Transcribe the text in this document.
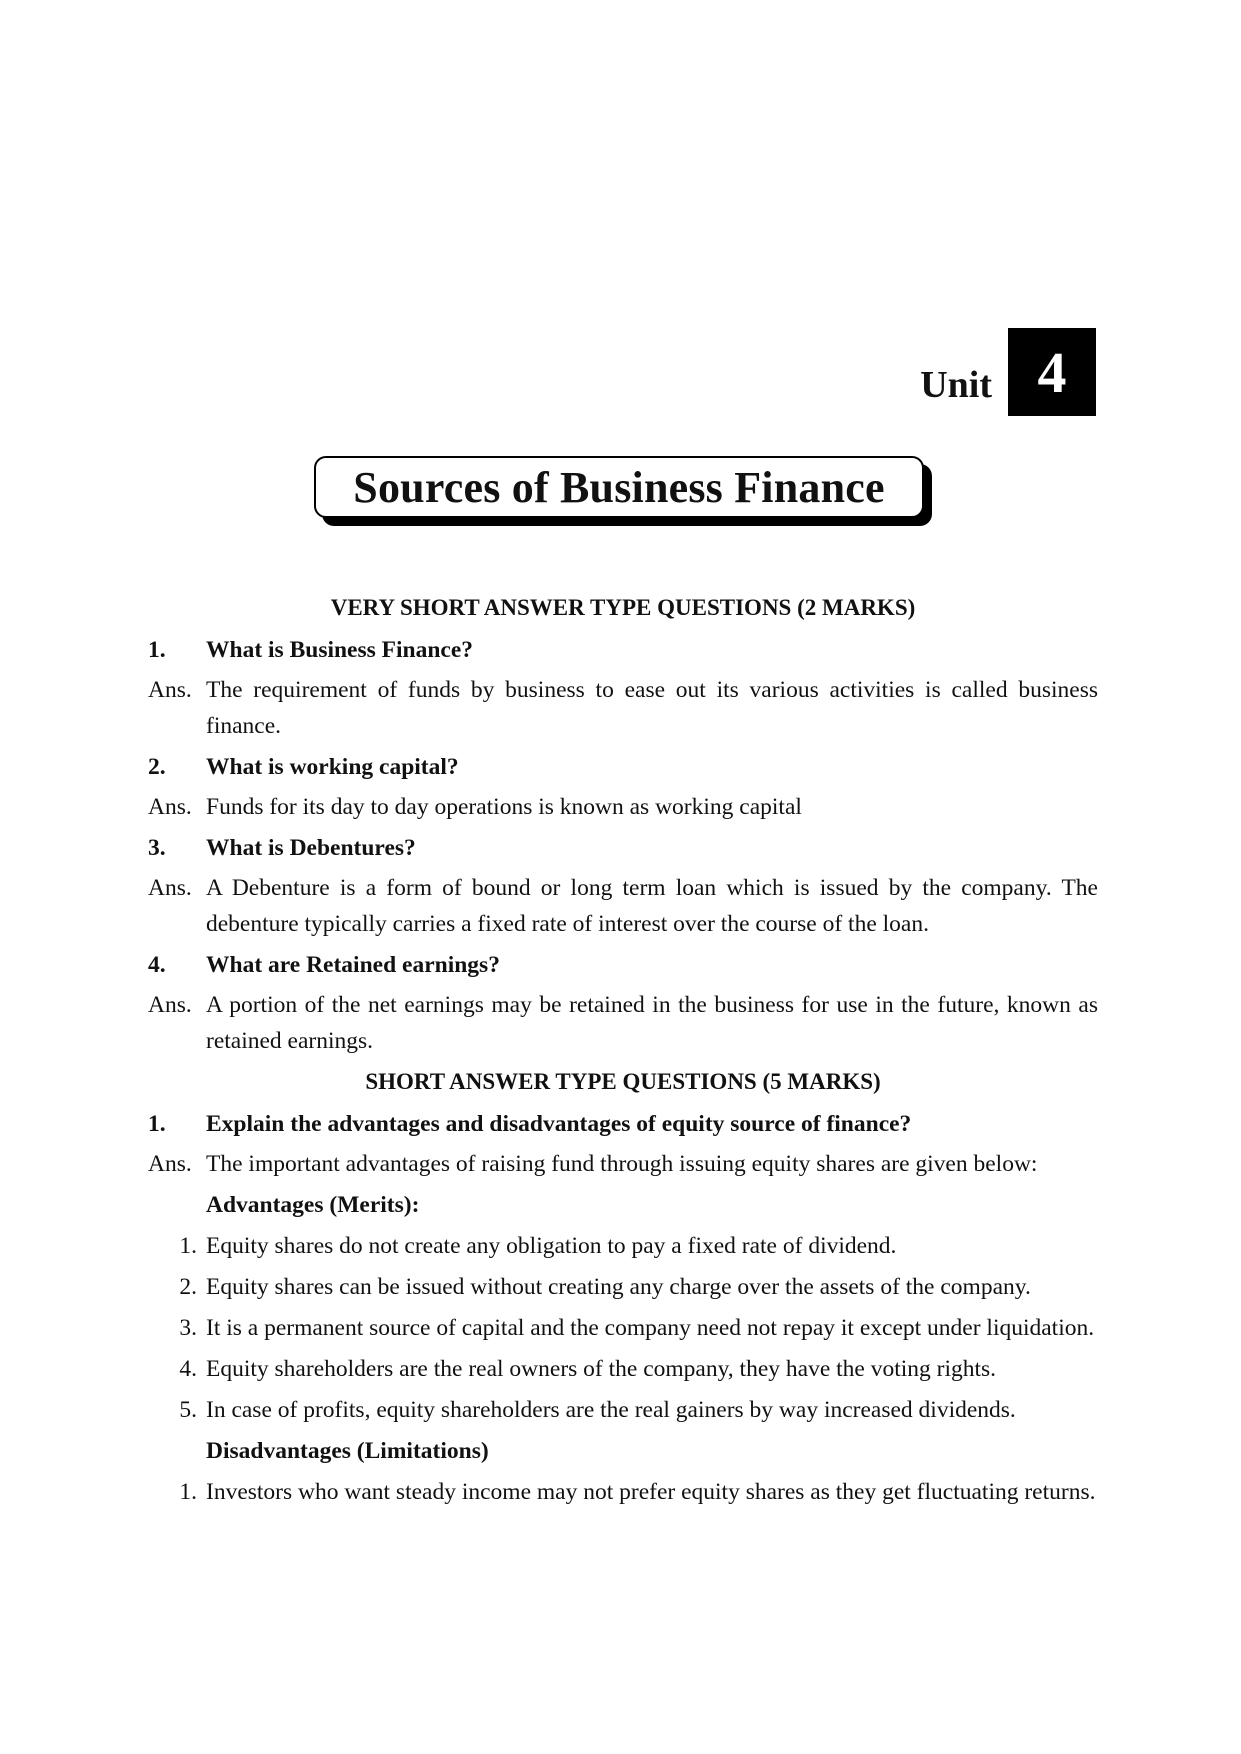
Unit 4
Sources of Business Finance
VERY SHORT ANSWER TYPE QUESTIONS (2 MARKS)
1.	What is Business Finance?
Ans. The requirement of funds by business to ease out its various activities is called business finance.
2.	What is working capital?
Ans. Funds for its day to day operations is known as working capital
3.	What is Debentures?
Ans. A Debenture is a form of bound or long term loan which is issued by the company. The debenture typically carries a fixed rate of interest over the course of the loan.
4.	What are Retained earnings?
Ans. A portion of the net earnings may be retained in the business for use in the future, known as retained earnings.
SHORT ANSWER TYPE QUESTIONS (5 MARKS)
1.	Explain the advantages and disadvantages of equity source of finance?
Ans. The important advantages of raising fund through issuing equity shares are given below:
Advantages (Merits):
1. Equity shares do not create any obligation to pay a fixed rate of dividend.
2. Equity shares can be issued without creating any charge over the assets of the company.
3. It is a permanent source of capital and the company need not repay it except under liquidation.
4. Equity shareholders are the real owners of the company, they have the voting rights.
5. In case of profits, equity shareholders are the real gainers by way increased dividends.
Disadvantages (Limitations)
1. Investors who want steady income may not prefer equity shares as they get fluctuating returns.
